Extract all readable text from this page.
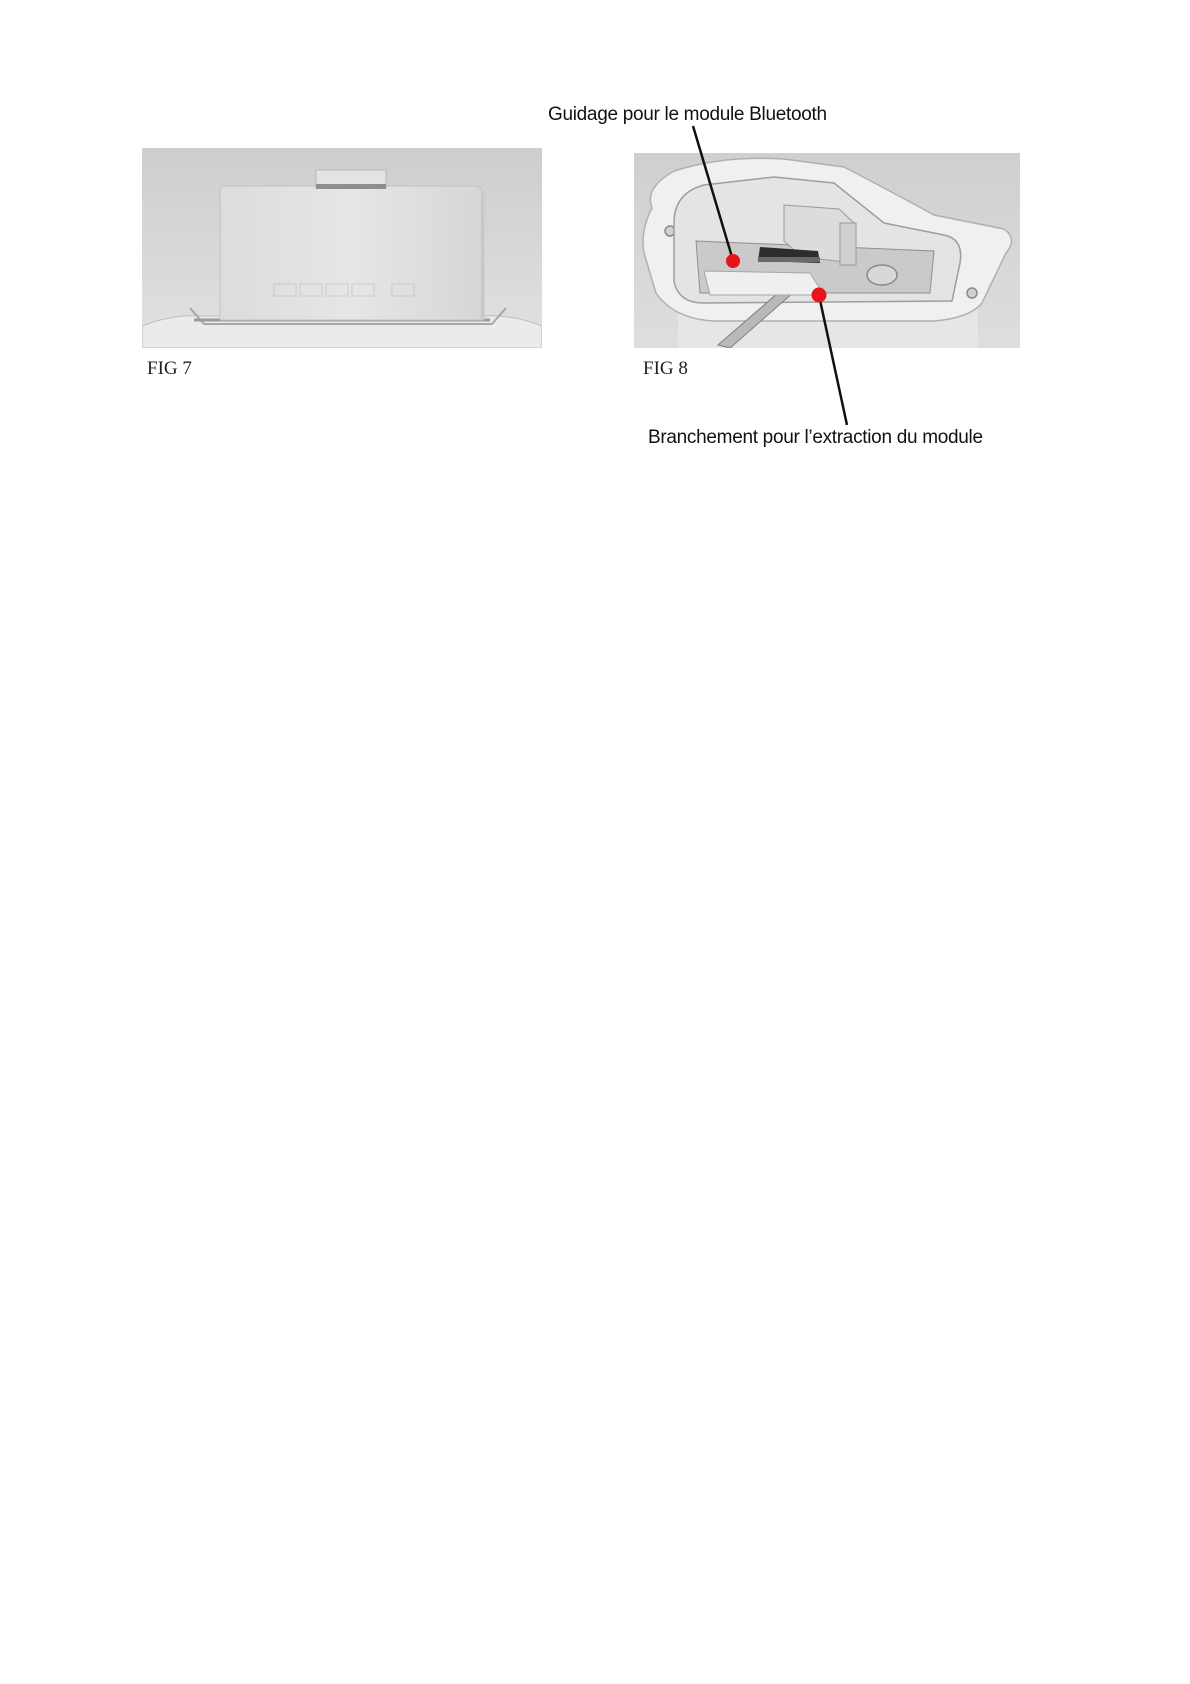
Guidage pour le module Bluetooth
FIG 7	FIG 8
Branchement pour l’extraction du module
